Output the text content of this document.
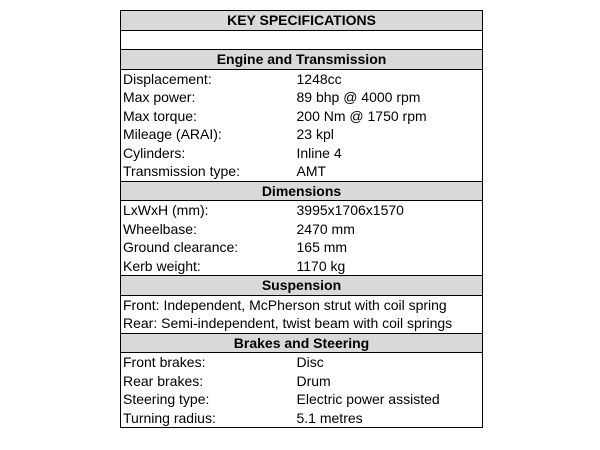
KEY SPECIFICATIONS	

Engine and Transmission	
Displacement:	1248cc
Max power:	89 bhp @ 4000 rpm
Max torque:	200 Nm @ 1750 rpm
Mileage (ARAI):	23 kpl
Cylinders:	Inline 4
Transmission type:	AMT
Dimensions	
LxWxH (mm):	3995x1706x1570
Wheelbase:	2470 mm
Ground clearance:	165 mm
Kerb weight:	1170 kg
Suspension	
Front: Independent, McPherson strut with coil spring	
Rear: Semi-independent, twist beam with coil springs	
Brakes and Steering	
Front brakes:	Disc
Rear brakes:	Drum
Steering type:	Electric power assisted
Turning radius:	5.1 metres
